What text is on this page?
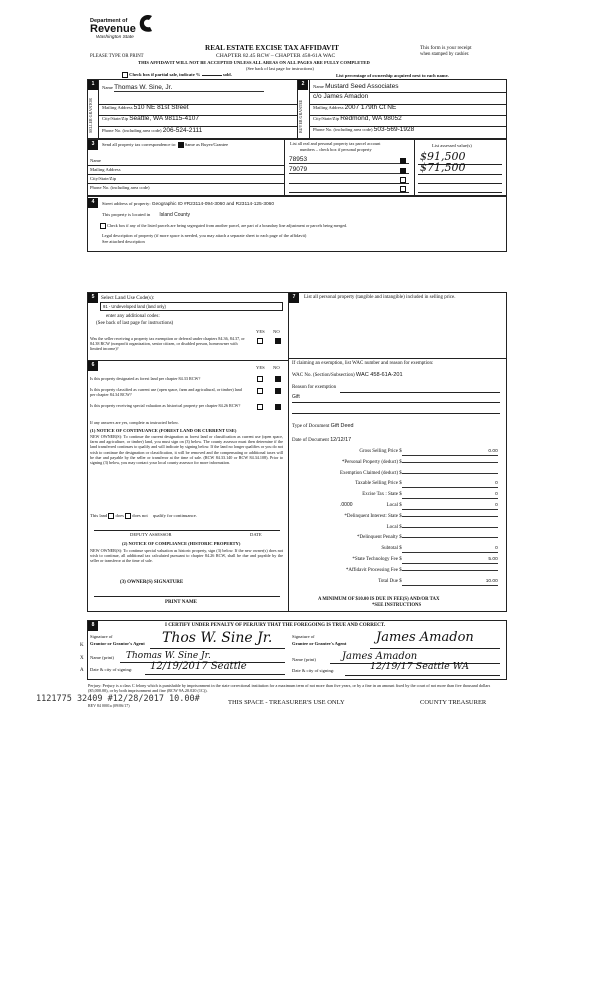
Department of
Revenue
Washington State
REAL ESTATE EXCISE TAX AFFIDAVIT
CHAPTER 82.45 RCW – CHAPTER 458-61A WAC
PLEASE TYPE OR PRINT
This form is your receipt
when stamped by cashier.
THIS AFFIDAVIT WILL NOT BE ACCEPTED UNLESS ALL AREAS ON ALL PAGES ARE FULLY COMPLETED
(See back of last page for instructions)
Check box if partial sale, indicate %	sold.	List percentage of ownership acquired next to each name.
1
SELLER GRANTOR
Name Thomas W. Sine, Jr.
Mailing Address 510 NE 81st Street
City/State/Zip Seattle, WA 98115-4107
Phone No. (including area code) 206-524-2111
2
BUYER GRANTEE
Name Mustard Seed Associates
c/o James Amadon
Mailing Address 2007 179th Ct NE
City/State/Zip Redmond, WA 98052
Phone No. (including area code) 503-569-1928
3	Send all property tax correspondence to: Same as Buyer/Grantee
Name
Mailing Address
City/State/Zip
Phone No. (including area code)
List all real and personal property tax parcel account
numbers – check box if personal property
List assessed value(s)
78953	$91,500
79079	$71,500
4	Street address of property: Geographic ID #R23114-094-3060 and R23114-125-3060
This property is located in Island County
Check box if any of the listed parcels are being segregated from another parcel, are part of a boundary line adjustment or parcels being merged.
Legal description of property (if more space is needed, you may attach a separate sheet to each page of the affidavit)
See attached description
5	Select Land Use Code(s):
91 - Undeveloped land (land only)
enter any additional codes:
(See back of last page for instructions)
YES NO
Was the seller receiving a property tax exemption or deferral under chapters 84.36, 84.37, or 84.38 RCW (nonprofit organization, senior citizen, or disabled person, homeowner with limited income)?
6	YES NO
Is this property designated as forest land per chapter 84.33 RCW?
Is this property classified as current use (open space, farm and agricultural, or timber) land per chapter 84.34 RCW?
Is this property receiving special valuation as historical property per chapter 84.26 RCW?
If any answers are yes, complete as instructed below.
(1) NOTICE OF CONTINUANCE (FOREST LAND OR CURRENT USE)
NEW OWNER(S): To continue the current designation as forest land or classification as current use (open space, farm and agriculture, or timber) land, you must sign on (3) below. The county assessor must then determine if the land transferred continues to qualify and will indicate by signing below. If the land no longer qualifies or you do not wish to continue the designation or classification, it will be removed and the compensating or additional taxes will be due and payable by the seller or transferor at the time of sale. (RCW 84.33.140 or RCW 84.34.108). Prior to signing (3) below, you may contact your local county assessor for more information.
This land does does not qualify for continuance.
DEPUTY ASSESSOR	DATE
(2) NOTICE OF COMPLIANCE (HISTORIC PROPERTY)
NEW OWNER(S): To continue special valuation as historic property, sign (3) below. If the new owner(s) does not wish to continue, all additional tax calculated pursuant to chapter 84.26 RCW, shall be due and payable by the seller or transferor at the time of sale.
(3) OWNER(S) SIGNATURE
PRINT NAME
7	List all personal property (tangible and intangible) included in selling price.
If claiming an exemption, list WAC number and reason for exemption:
WAC No. (Section/Subsection) WAC 458-61A-201
Reason for exemption
Gift
Type of Document Gift Deed
Date of Document 12/12/17
Gross Selling Price $	0.00
*Personal Property (deduct) $
Exemption Claimed (deduct) $
Taxable Selling Price $	0
Excise Tax : State $	0
Local $	0
*Delinquent Interest: State $
Local $
*Delinquent Penalty $
Subtotal $	0
*State Technology Fee $	5.00
*Affidavit Processing Fee $
Total Due $	10.00
.0000
A MINIMUM OF $10.00 IS DUE IN FEE(S) AND/OR TAX
*SEE INSTRUCTIONS
8	I CERTIFY UNDER PENALTY OF PERJURY THAT THE FOREGOING IS TRUE AND CORRECT.
K
X
A
Signature of
Grantor or Grantor's Agent Thos W. Sine Jr.
Name (print) Thomas W. Sine Jr.
Date & city of signing: 12/19/2017 Seattle
Signature of
Grantee or Grantee's Agent James Amadon
Name (print)	James Amadon
Date & city of signing:	12/19/17 Seattle WA
Perjury: Perjury is a class C felony which is punishable by imprisonment in the state correctional institution for a maximum term of not more than five years, or by a fine in an amount fixed by the court of not more than five thousand dollars ($5,000.00), or by both imprisonment and fine (RCW 9A.20.020 (1C)).
REV 84 0001a (09/06/17)
1121775 32409 #12/28/2017 10.00#	THIS SPACE - TREASURER'S USE ONLY	COUNTY TREASURER
